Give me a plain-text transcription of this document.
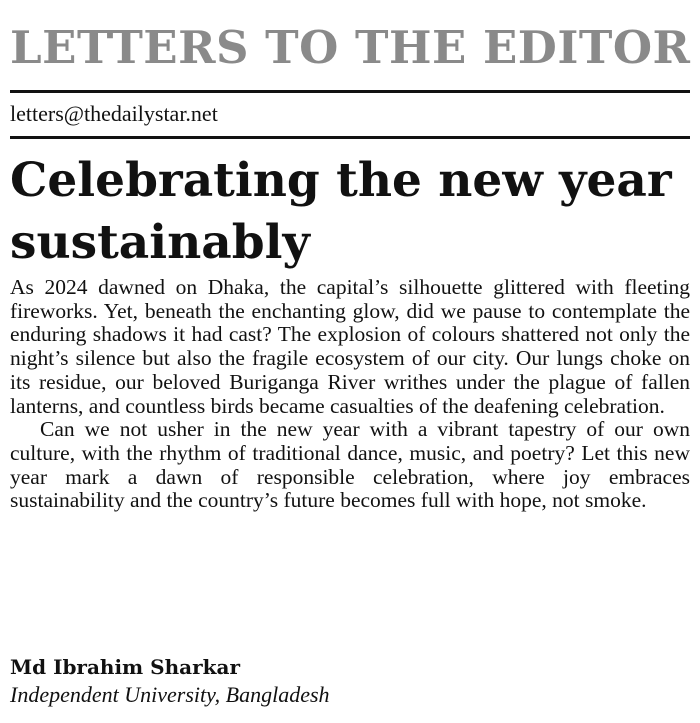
LETTERS TO THE EDITOR
letters@thedailystar.net
Celebrating the new year sustainably

As 2024 dawned on Dhaka, the capital’s silhouette glittered with fleeting fireworks. Yet, beneath the enchanting glow, did we pause to contemplate the enduring shadows it had cast? The explosion of colours shattered not only the night’s silence but also the fragile ecosystem of our city. Our lungs choke on its residue, our beloved Buriganga River writhes under the plague of fallen lanterns, and countless birds became casualties of the deafening celebration.

Can we not usher in the new year with a vibrant tapestry of our own culture, with the rhythm of traditional dance, music, and poetry? Let this new year mark a dawn of responsible celebration, where joy embraces sustainability and the country’s future becomes full with hope, not smoke.

Md Ibrahim Sharkar
Independent University, Bangladesh
